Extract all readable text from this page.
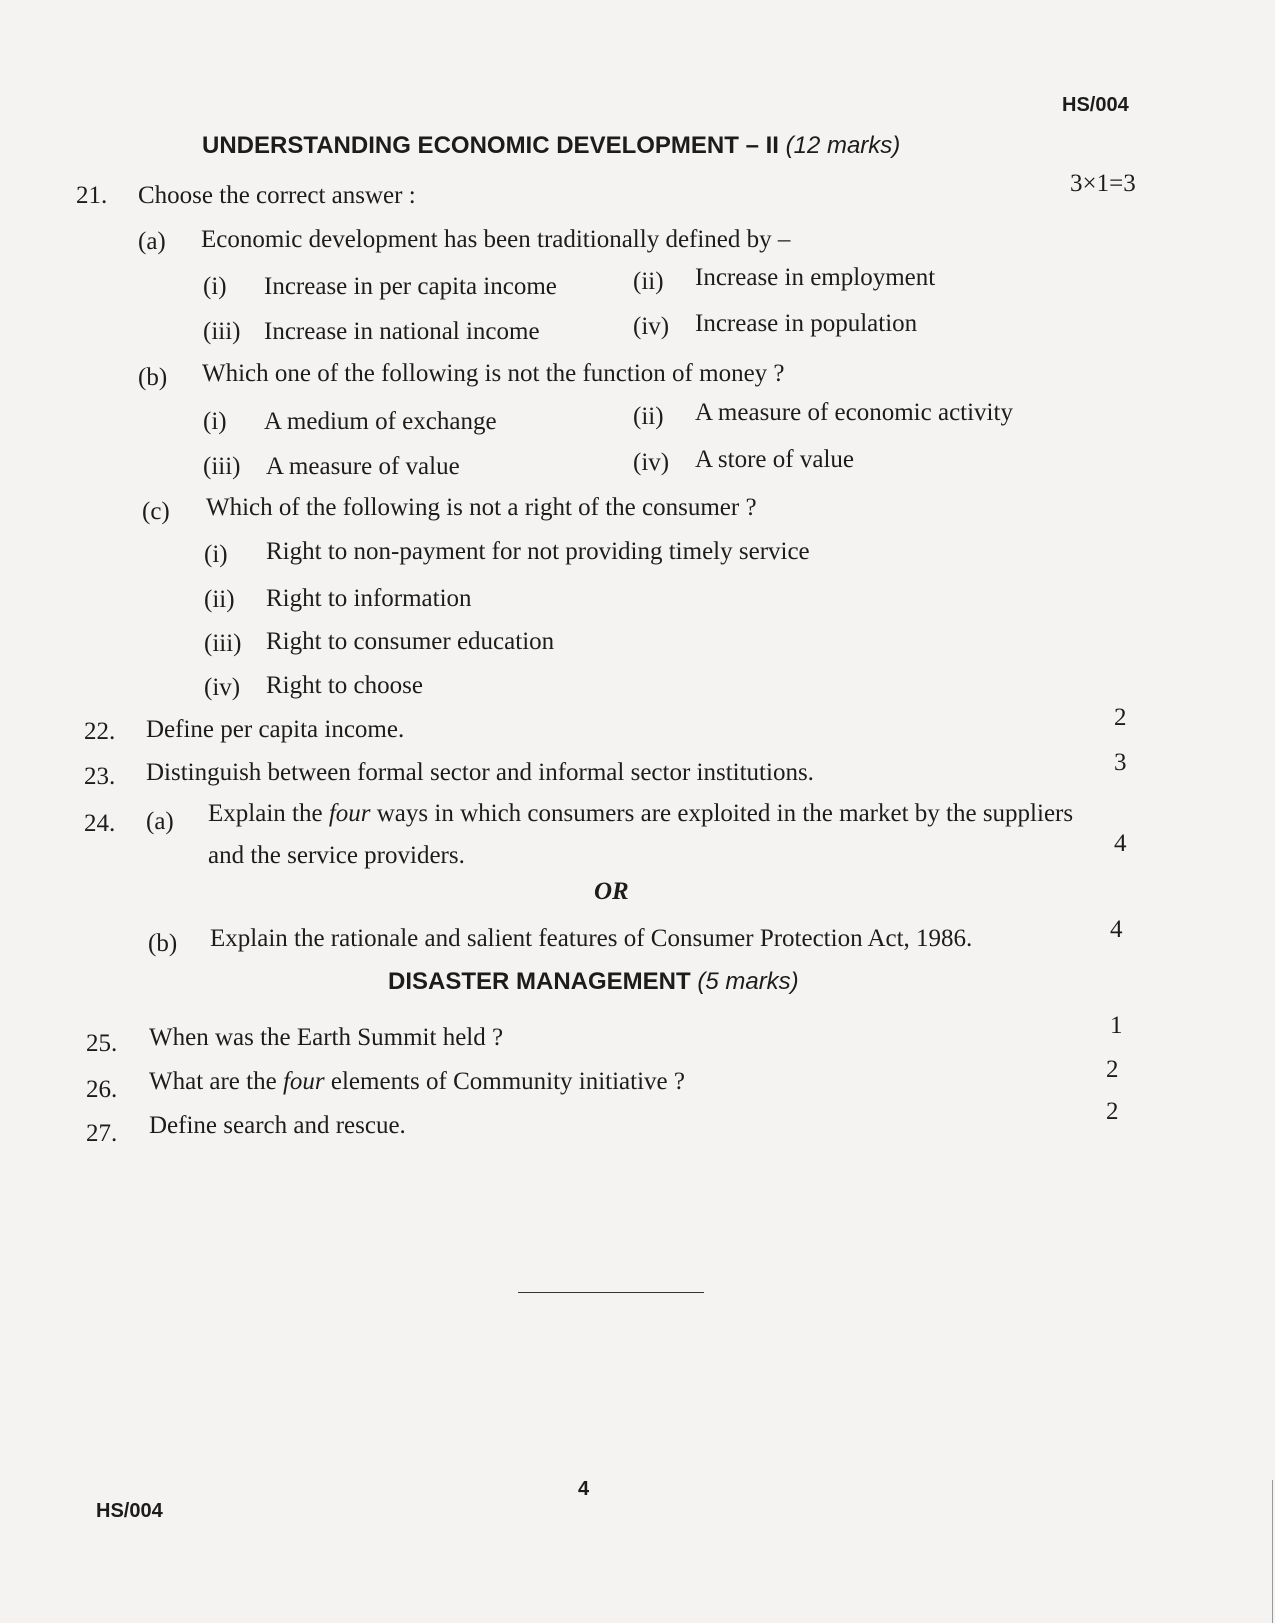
HS/004
UNDERSTANDING ECONOMIC DEVELOPMENT – II (12 marks)
21. Choose the correct answer :	3×1=3
(a) Economic development has been traditionally defined by –
(i) Increase in per capita income	(ii) Increase in employment
(iii) Increase in national income	(iv) Increase in population
(b) Which one of the following is not the function of money ?
(i) A medium of exchange	(ii) A measure of economic activity
(iii) A measure of value	(iv) A store of value
(c) Which of the following is not a right of the consumer ?
(i) Right to non-payment for not providing timely service
(ii) Right to information
(iii) Right to consumer education
(iv) Right to choose
22. Define per capita income.	2
23. Distinguish between formal sector and informal sector institutions.	3
24. (a) Explain the four ways in which consumers are exploited in the market by the suppliers
and the service providers.	4
OR
(b) Explain the rationale and salient features of Consumer Protection Act, 1986.	4
DISASTER MANAGEMENT (5 marks)
25. When was the Earth Summit held ?	1
26. What are the four elements of Community initiative ?	2
27. Define search and rescue.
2
4
HS/004
